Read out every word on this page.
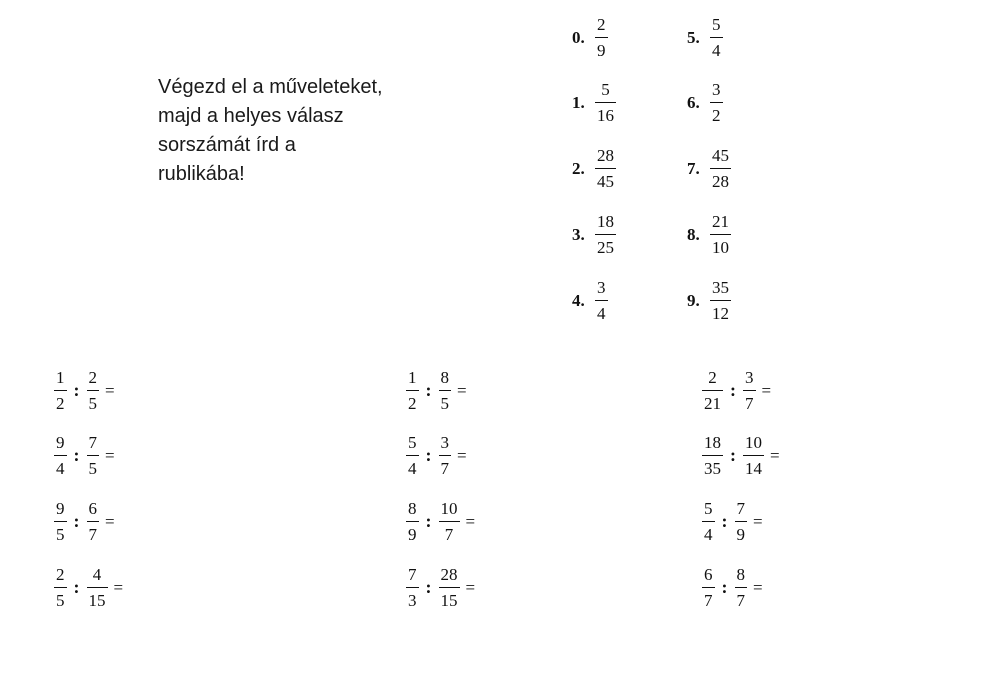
Végezd el a műveleteket,
majd a helyes válasz
sorszámát írd a
rublikába!
0. $\frac{2}{9}$
1. $\frac{5}{16}$
2. $\frac{28}{45}$
3. $\frac{18}{25}$
4. $\frac{3}{4}$
5. $\frac{5}{4}$
6. $\frac{3}{2}$
7. $\frac{45}{28}$
8. $\frac{21}{10}$
9. $\frac{35}{12}$
$\frac{1}{2}$ : $\frac{2}{5}$ =
$\frac{9}{4}$ : $\frac{7}{5}$ =
$\frac{9}{5}$ : $\frac{6}{7}$ =
$\frac{2}{5}$ : $\frac{4}{15}$ =
$\frac{1}{2}$ : $\frac{8}{5}$ =
$\frac{5}{4}$ : $\frac{3}{7}$ =
$\frac{8}{9}$ : $\frac{10}{7}$ =
$\frac{7}{3}$ : $\frac{28}{15}$ =
$\frac{2}{21}$ : $\frac{3}{7}$ =
$\frac{18}{35}$ : $\frac{10}{14}$ =
$\frac{5}{4}$ : $\frac{7}{9}$ =
$\frac{6}{7}$ : $\frac{8}{7}$ =
